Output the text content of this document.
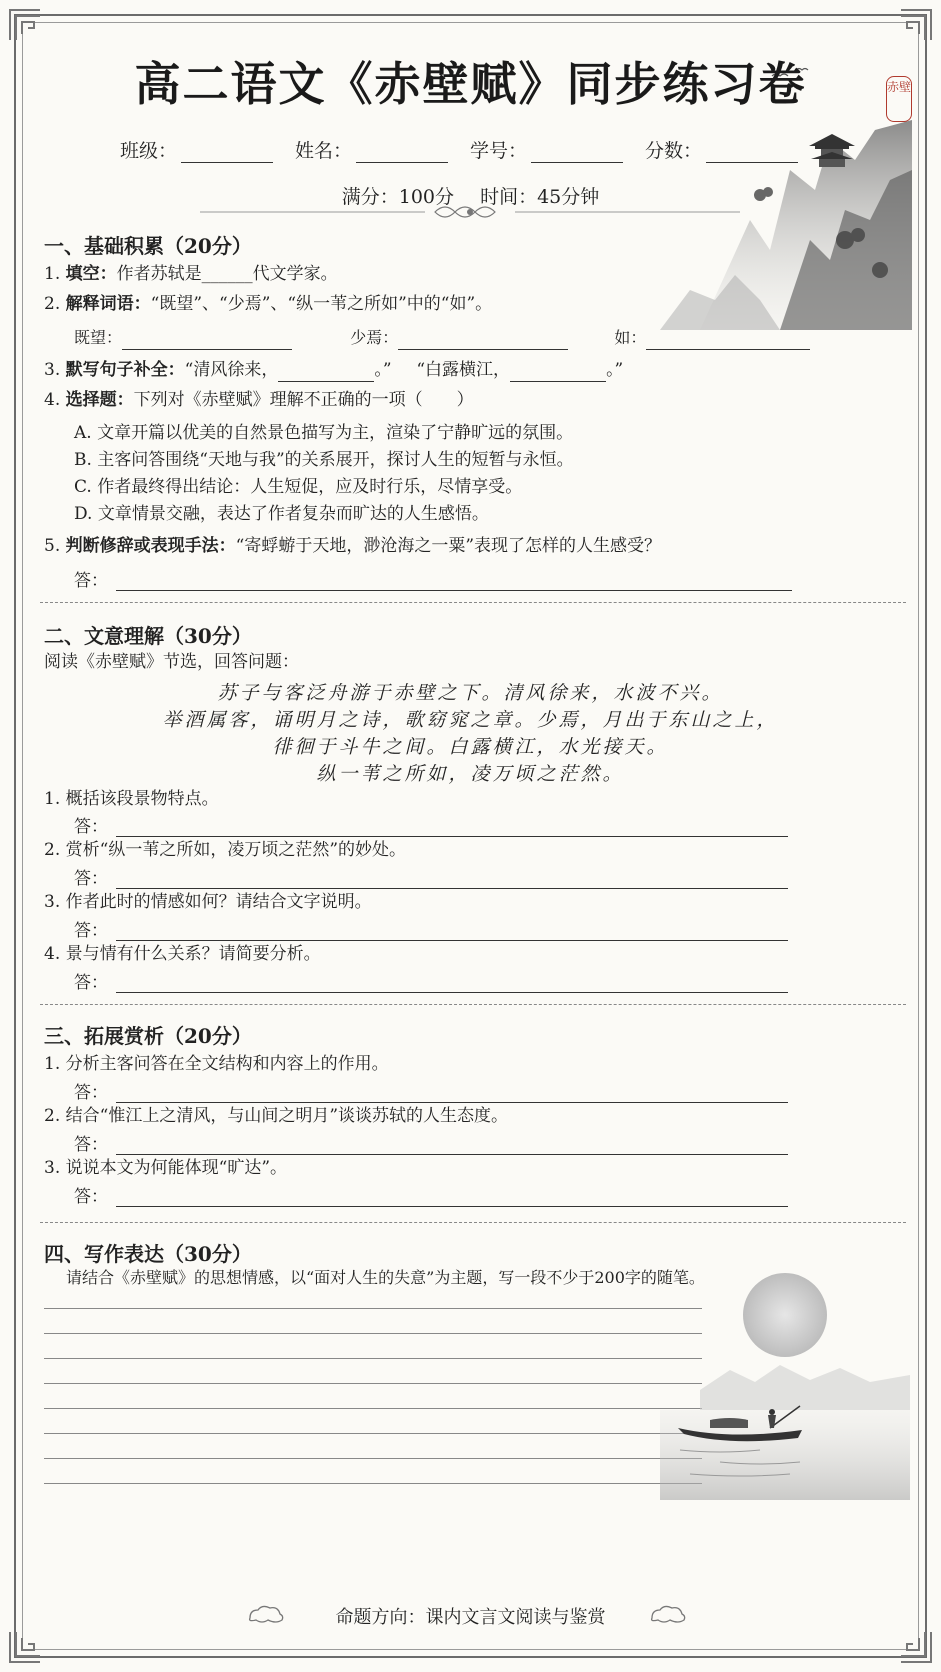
赤壁
高二语文《赤壁赋》同步练习卷
班级：	姓名：	学号：	分数：
满分：100分 时间：45分钟
一、基础积累（20分）
1. 填空：作者苏轼是______代文学家。
2. 解释词语：“既望”、“少焉”、“纵一苇之所如”中的“如”。
既望：	少焉：	如：
3. 默写句子补全：“清风徐来，	。” “白露横江，	。”
4. 选择题：下列对《赤壁赋》理解不正确的一项（　　）
A. 文章开篇以优美的自然景色描写为主，渲染了宁静旷远的氛围。
B. 主客问答围绕“天地与我”的关系展开，探讨人生的短暂与永恒。
C. 作者最终得出结论：人生短促，应及时行乐，尽情享受。
D. 文章情景交融，表达了作者复杂而旷达的人生感悟。
5. 判断修辞或表现手法：“寄蜉蝣于天地，渺沧海之一粟”表现了怎样的人生感受？
答：
二、文意理解（30分）
阅读《赤壁赋》节选，回答问题：
苏子与客泛舟游于赤壁之下。清风徐来，水波不兴。
举酒属客，诵明月之诗，歌窈窕之章。少焉，月出于东山之上，
徘徊于斗牛之间。白露横江，水光接天。
纵一苇之所如，凌万顷之茫然。
1. 概括该段景物特点。
答：
2. 赏析“纵一苇之所如，凌万顷之茫然”的妙处。
答：
3. 作者此时的情感如何？请结合文字说明。
答：
4. 景与情有什么关系？请简要分析。
答：
三、拓展赏析（20分）
1. 分析主客问答在全文结构和内容上的作用。
答：
2. 结合“惟江上之清风，与山间之明月”谈谈苏轼的人生态度。
答：
3. 说说本文为何能体现“旷达”。
答：
四、写作表达（30分）
请结合《赤壁赋》的思想情感，以“面对人生的失意”为主题，写一段不少于200字的随笔。
命题方向：课内文言文阅读与鉴赏
